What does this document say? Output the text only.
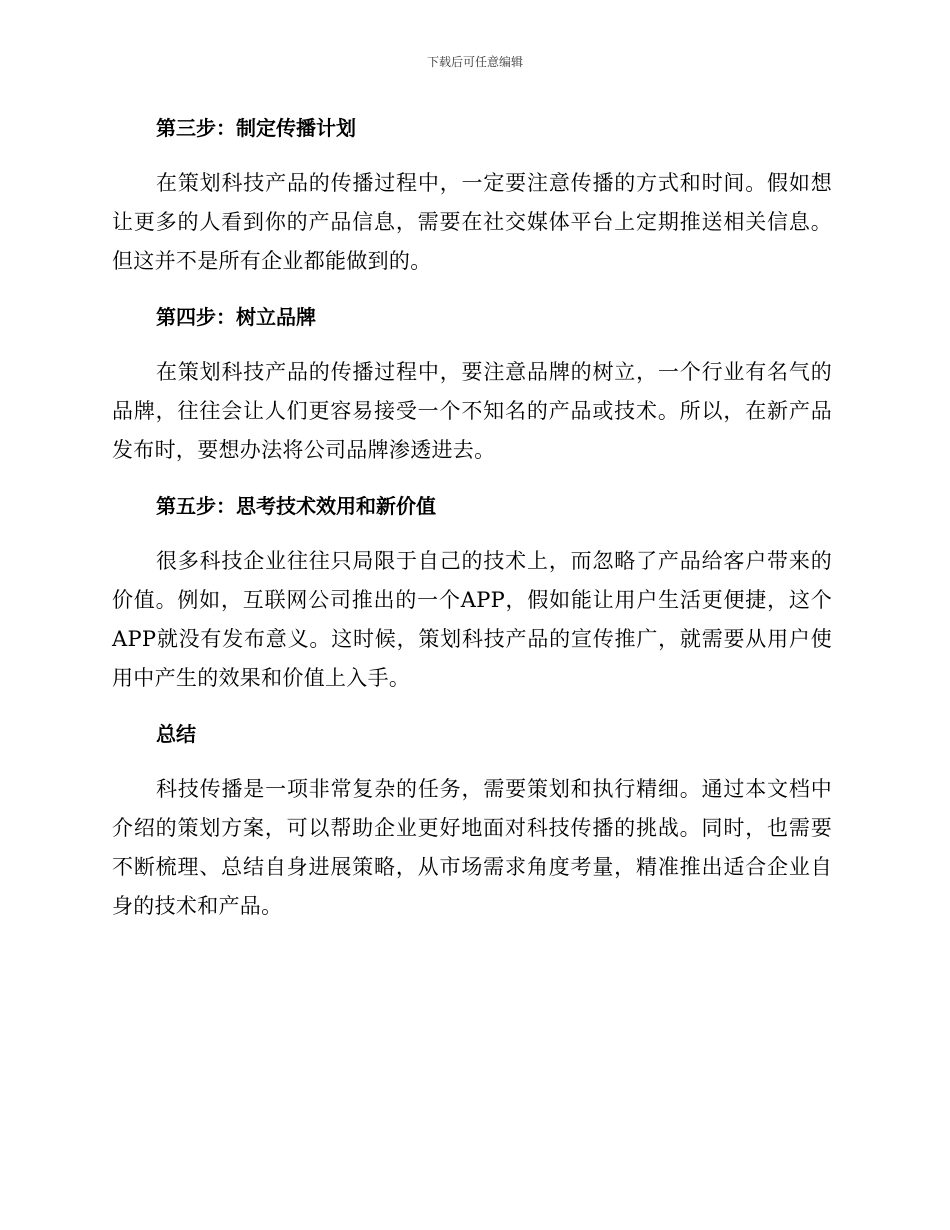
下载后可任意编辑
第三步：制定传播计划

在策划科技产品的传播过程中，一定要注意传播的方式和时间。假如想让更多的人看到你的产品信息，需要在社交媒体平台上定期推送相关信息。但这并不是所有企业都能做到的。

第四步：树立品牌

在策划科技产品的传播过程中，要注意品牌的树立，一个行业有名气的品牌，往往会让人们更容易接受一个不知名的产品或技术。所以，在新产品发布时，要想办法将公司品牌渗透进去。

第五步：思考技术效用和新价值

很多科技企业往往只局限于自己的技术上，而忽略了产品给客户带来的价值。例如，互联网公司推出的一个APP，假如能让用户生活更便捷，这个APP就没有发布意义。这时候，策划科技产品的宣传推广，就需要从用户使用中产生的效果和价值上入手。

总结

科技传播是一项非常复杂的任务，需要策划和执行精细。通过本文档中介绍的策划方案，可以帮助企业更好地面对科技传播的挑战。同时，也需要不断梳理、总结自身进展策略，从市场需求角度考量，精准推出适合企业自身的技术和产品。
